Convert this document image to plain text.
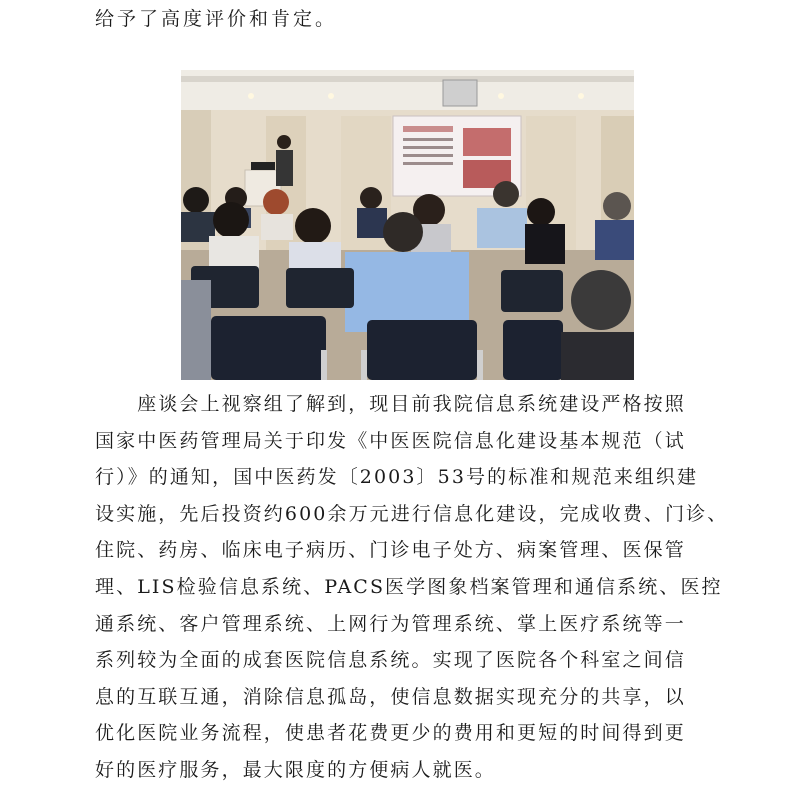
给予了高度评价和肯定。
　　座谈会上视察组了解到，现目前我院信息系统建设严格按照
国家中医药管理局关于印发《中医医院信息化建设基本规范（试
行）》的通知，国中医药发〔2003〕53号的标准和规范来组织建
设实施，先后投资约600余万元进行信息化建设，完成收费、门诊、
住院、药房、临床电子病历、门诊电子处方、病案管理、医保管
理、LIS检验信息系统、PACS医学图象档案管理和通信系统、医控
通系统、客户管理系统、上网行为管理系统、掌上医疗系统等一
系列较为全面的成套医院信息系统。实现了医院各个科室之间信
息的互联互通，消除信息孤岛，使信息数据实现充分的共享，以
优化医院业务流程，使患者花费更少的费用和更短的时间得到更
好的医疗服务，最大限度的方便病人就医。
